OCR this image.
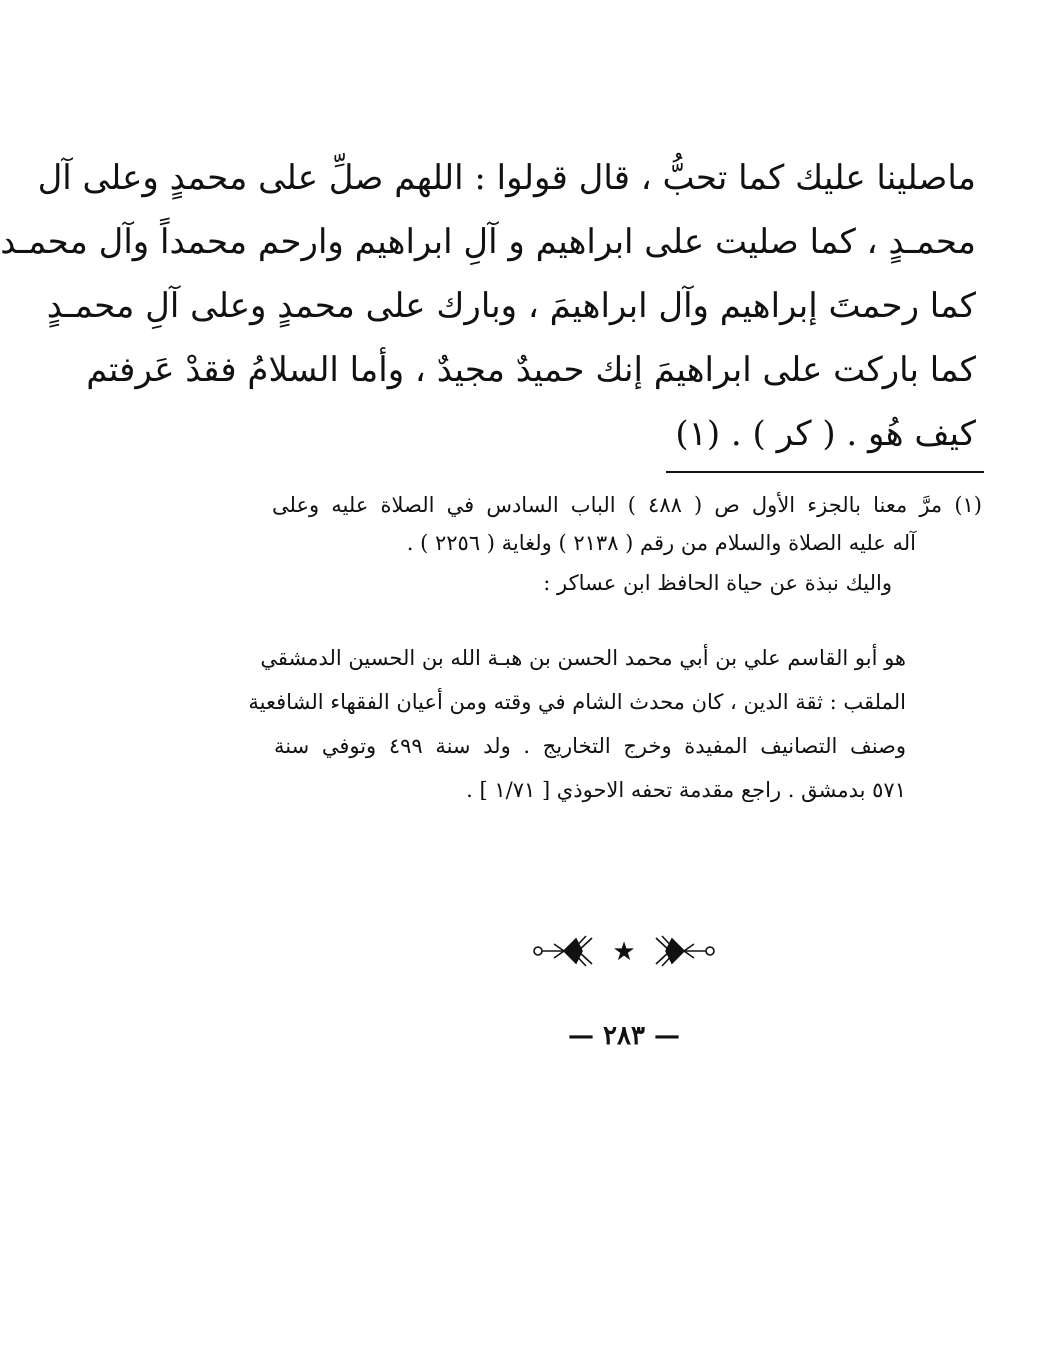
ماصلينا عليك كما تحبُّ ، قال قولوا : اللهم صلِّ على محمدٍ وعلى آل
محمـدٍ ، كما صليت على ابراهيم و آلِ ابراهيم وارحم محمداً وآل محمـد
كما رحمتَ إبراهيم وآل ابراهيمَ ، وبارك على محمدٍ وعلى آلِ محمـدٍ
كما باركت على ابراهيمَ إنك حميدٌ مجيدٌ ، وأما السلامُ فقدْ عَرفتم
كيف هُو . ( كر ) . (١)
(١) مرَّ معنا بالجزء الأول ص ( ٤٨٨ ) الباب السادس في الصلاة عليه وعلى
آله عليه الصلاة والسلام من رقم ( ٢١٣٨ ) ولغاية ( ٢٢٥٦ ) .
واليك نبذة عن حياة الحافظ ابن عساكر :
هو أبو القاسم علي بن أبي محمد الحسن بن هبـة الله بن الحسين الدمشقي
الملقب : ثقة الدين ، كان محدث الشام في وقته ومن أعيان الفقهاء الشافعية
وصنف التصانيف المفيدة وخرج التخاريج . ولد سنة ٤٩٩ وتوفي سنة
٥٧١ بدمشق . راجع مقدمة تحفه الاحوذي [ ١/٧١ ] .
★
— ٢٨٣ —
